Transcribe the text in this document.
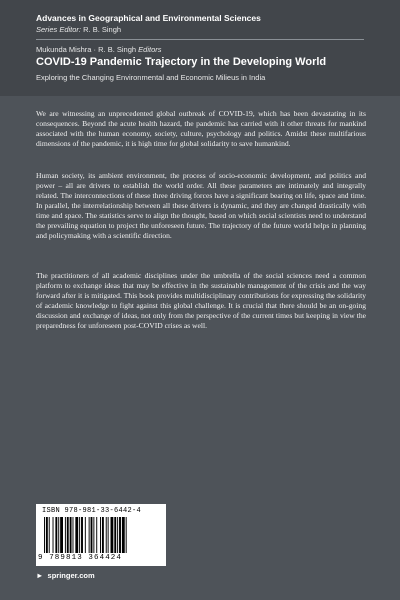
Advances in Geographical and Environmental Sciences
Series Editor: R. B. Singh
Mukunda Mishra · R. B. Singh Editors
COVID-19 Pandemic Trajectory in the Developing World
Exploring the Changing Environmental and Economic Milieus in India

We are witnessing an unprecedented global outbreak of COVID-19, which has been devastating in its consequences. Beyond the acute health hazard, the pandemic has carried with it other threats for mankind associated with the human economy, society, culture, psychology and politics. Amidst these multifarious dimensions of the pandemic, it is high time for global solidarity to save humankind.

Human society, its ambient environment, the process of socio-economic development, and politics and power – all are drivers to establish the world order. All these parameters are intimately and integrally related. The interconnections of these three driving forces have a significant bearing on life, space and time. In parallel, the interrelationship between all these drivers is dynamic, and they are changed drastically with time and space. The statistics serve to align the thought, based on which social scientists need to understand the prevailing equation to project the unforeseen future. The trajectory of the future world helps in planning and policymaking with a scientific direction.

The practitioners of all academic disciplines under the umbrella of the social sciences need a common platform to exchange ideas that may be effective in the sustainable management of the crisis and the way forward after it is mitigated. This book provides multidisciplinary contributions for expressing the solidarity of academic knowledge to fight against this global challenge. It is crucial that there should be an on-going discussion and exchange of ideas, not only from the perspective of the current times but keeping in view the preparedness for unforeseen post-COVID crises as well.

ISBN 978-981-33-6442-4
9 789813 364424
► springer.com
